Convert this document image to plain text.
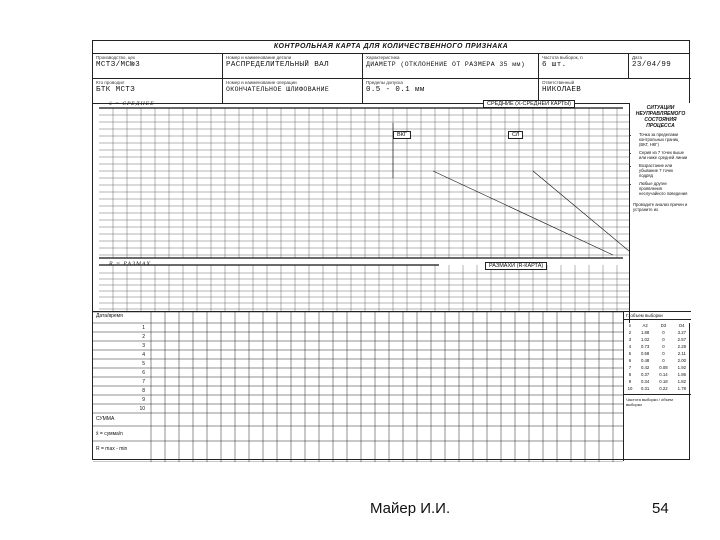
КОНТРОЛЬНАЯ КАРТА ДЛЯ КОЛИЧЕСТВЕННОГО ПРИЗНАКА
Производство, цех
МСТЗ/МС№3
Номер и наименование детали
РАСПРЕДЕЛИТЕЛЬНЫЙ ВАЛ
Характеристика
ДИАМЕТР (ОТКЛОНЕНИЕ ОТ РАЗМЕРА 35 мм)
Частота выборок, n
6 шт.
Дата
23/04/99
Кто проводил
БТК МСТЗ
Номер и наименование операции
ОКОНЧАТЕЛЬНОЕ ШЛИФОВАНИЕ
Пределы допуска
0.5 - 0.1 мм
Ответственный
НИКОЛАЕВ
x̄ = СРЕДНЕЕ	СРЕДНИЕ (X-СРЕДНЕЙ КАРТЫ)
ВКГ	СЛ
R = РАЗМАХ	РАЗМАХИ (R-КАРТА)
СИТУАЦИИ НЕУПРАВЛЯЕМОГО СОСТОЯНИЯ ПРОЦЕССА
• Точка за пределами контрольных границ (ВКГ, НКГ)
• Серия из 7 точек выше или ниже средней линии
• Возрастание или убывание 7 точек подряд
• Любые другие проявления неслучайного поведения
Проводите анализ причин и устраните их
Дата/время
1
2
3
4
5
6
7
8
9
10
СУММА
x̄ = сумма/n
R = max - min
Г. объем выборки
n	A2	D3	D4
2	1.88	0	3.27
3	1.02	0	2.57
4	0.73	0	2.28
5	0.58	0	2.11
6	0.48	0	2.00
7	0.42	0.08	1.92
8	0.37	0.14	1.86
9	0.34	0.18	1.82
10	0.31	0.22	1.78
Частота выборки / объем выборки
Майер И.И.	54
